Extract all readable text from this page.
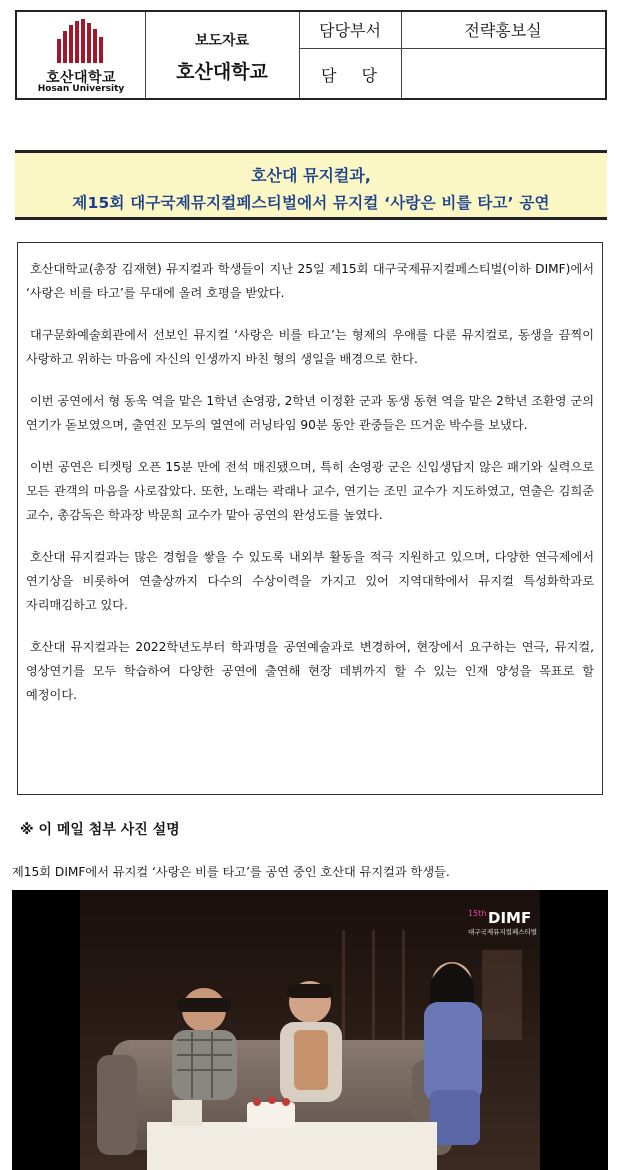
호산대학교
Hosan University
보도자료
호산대학교
담당부서	전략홍보실
담 당
호산대 뮤지컬과,
제15회 대구국제뮤지컬페스티벌에서 뮤지컬 ‘사랑은 비를 타고’ 공연

호산대학교(총장 김재현) 뮤지컬과 학생들이 지난 25일 제15회 대구국제뮤지컬페스티벌(이하 DIMF)에서 ‘사랑은 비를 타고’를 무대에 올려 호평을 받았다.

대구문화예술회관에서 선보인 뮤지컬 ‘사랑은 비를 타고’는 형제의 우애를 다룬 뮤지컬로, 동생을 끔찍이 사랑하고 위하는 마음에 자신의 인생까지 바친 형의 생일을 배경으로 한다.

이번 공연에서 형 동욱 역을 맡은 1학년 손영광, 2학년 이정환 군과 동생 동현 역을 맡은 2학년 조환영 군의 연기가 돋보였으며, 출연진 모두의 열연에 러닝타임 90분 동안 관중들은 뜨거운 박수를 보냈다.

이번 공연은 티켓팅 오픈 15분 만에 전석 매진됐으며, 특히 손영광 군은 신입생답지 않은 패기와 실력으로 모든 관객의 마음을 사로잡았다. 또한, 노래는 곽래나 교수, 연기는 조민 교수가 지도하였고, 연출은 김희준 교수, 총감독은 학과장 박문희 교수가 맡아 공연의 완성도를 높였다.

호산대 뮤지컬과는 많은 경험을 쌓을 수 있도록 내외부 활동을 적극 지원하고 있으며, 다양한 연극제에서 연기상을 비롯하여 연출상까지 다수의 수상이력을 가지고 있어 지역대학에서 뮤지컬 특성화학과로 자리매김하고 있다.

호산대 뮤지컬과는 2022학년도부터 학과명을 공연예술과로 변경하여, 현장에서 요구하는 연극, 뮤지컬, 영상연기를 모두 학습하여 다양한 공연에 출연해 현장 데뷔까지 할 수 있는 인재 양성을 목표로 할 예정이다.

※ 이 메일 첨부 사진 설명
제15회 DIMF에서 뮤지컬 ‘사랑은 비를 타고’를 공연 중인 호산대 뮤지컬과 학생들.
15th DIMF
대구국제뮤지컬페스티벌
